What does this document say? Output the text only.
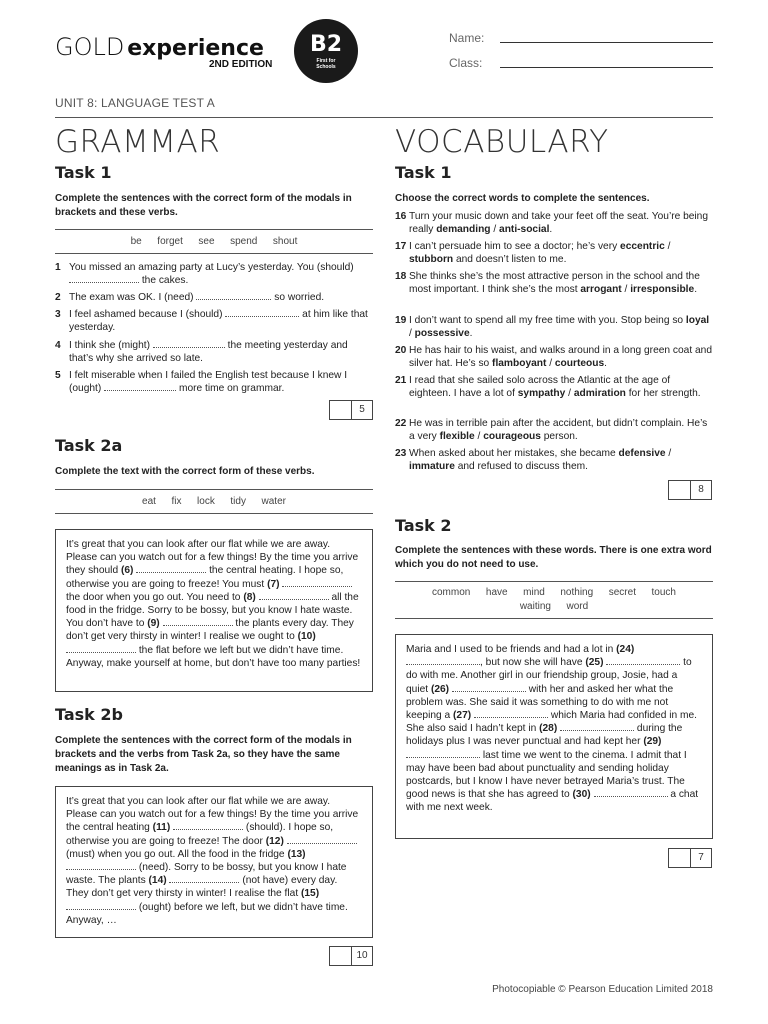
GOLD experience
2ND EDITION
B2
First for
Schools
Name:
Class:
UNIT 8: LANGUAGE TEST A
GRAMMAR
Task 1
Complete the sentences with the correct form of the modals in brackets and these verbs.
be  forget  see  spend  shout
1 You missed an amazing party at Lucy’s yesterday. You (should)  the cakes.
2 The exam was OK. I (need)	so worried.
3 I feel ashamed because I (should)	at him like that yesterday.
4 I think she (might)	the meeting yesterday and that’s why she arrived so late.
5 I felt miserable when I failed the English test because I knew I (ought)	more time on grammar.
5
Task 2a
Complete the text with the correct form of these verbs.
eat  fix  lock  tidy  water
It’s great that you can look after our flat while we are away. Please can you watch out for a few things! By the time you arrive they should (6)	the central heating. I hope so, otherwise you are going to freeze! You must (7)  the door when you go out. You need to (8)	all the food in the fridge. Sorry to be bossy, but you know I hate waste. You don’t have to (9)	the plants every day. They don’t get very thirsty in winter! I realise we ought to (10)  the flat before we left but we didn’t have time. Anyway, make yourself at home, but don’t have too many parties!
Task 2b
Complete the sentences with the correct form of the modals in brackets and the verbs from Task 2a, so they have the same meanings as in Task 2a.
It’s great that you can look after our flat while we are away. Please can you watch out for a few things! By the time you arrive the central heating (11)	(should). I hope so, otherwise you are going to freeze! The door (12)  (must) when you go out. All the food in the fridge (13)  (need). Sorry to be bossy, but you know I hate waste. The plants (14)	(not have) every day. They don’t get very thirsty in winter! I realise the flat (15)  (ought) before we left, but we didn’t have time. Anyway, …
10
VOCABULARY
Task 1
Choose the correct words to complete the sentences.
16 Turn your music down and take your feet off the seat. You’re being really demanding / anti-social.
17 I can’t persuade him to see a doctor; he’s very eccentric / stubborn and doesn’t listen to me.
18 She thinks she’s the most attractive person in the school and the most important. I think she’s the most arrogant / irresponsible.
19 I don’t want to spend all my free time with you. Stop being so loyal / possessive.
20 He has hair to his waist, and walks around in a long green coat and silver hat. He’s so flamboyant / courteous.
21 I read that she sailed solo across the Atlantic at the age of eighteen. I have a lot of sympathy / admiration for her strength.
22 He was in terrible pain after the accident, but didn’t complain. He’s a very flexible / courageous person.
23 When asked about her mistakes, she became defensive / immature and refused to discuss them.
8
Task 2
Complete the sentences with these words. There is one extra word which you do not need to use.
common  have  mind  nothing  secret  touch
waiting  word
Maria and I used to be friends and had a lot in (24) , but now she will have (25)	to do with me. Another girl in our friendship group, Josie, had a quiet (26)	with her and asked her what the problem was. She said it was something to do with me not keeping a (27)	which Maria had confided in me. She also said I hadn’t kept in (28)	during the holidays plus I was never punctual and had kept her (29)  last time we went to the cinema. I admit that I may have been bad about punctuality and sending holiday postcards, but I know I have never betrayed Maria’s trust. The good news is that she has agreed to (30)	a chat with me next week.
7
Photocopiable © Pearson Education Limited 2018
